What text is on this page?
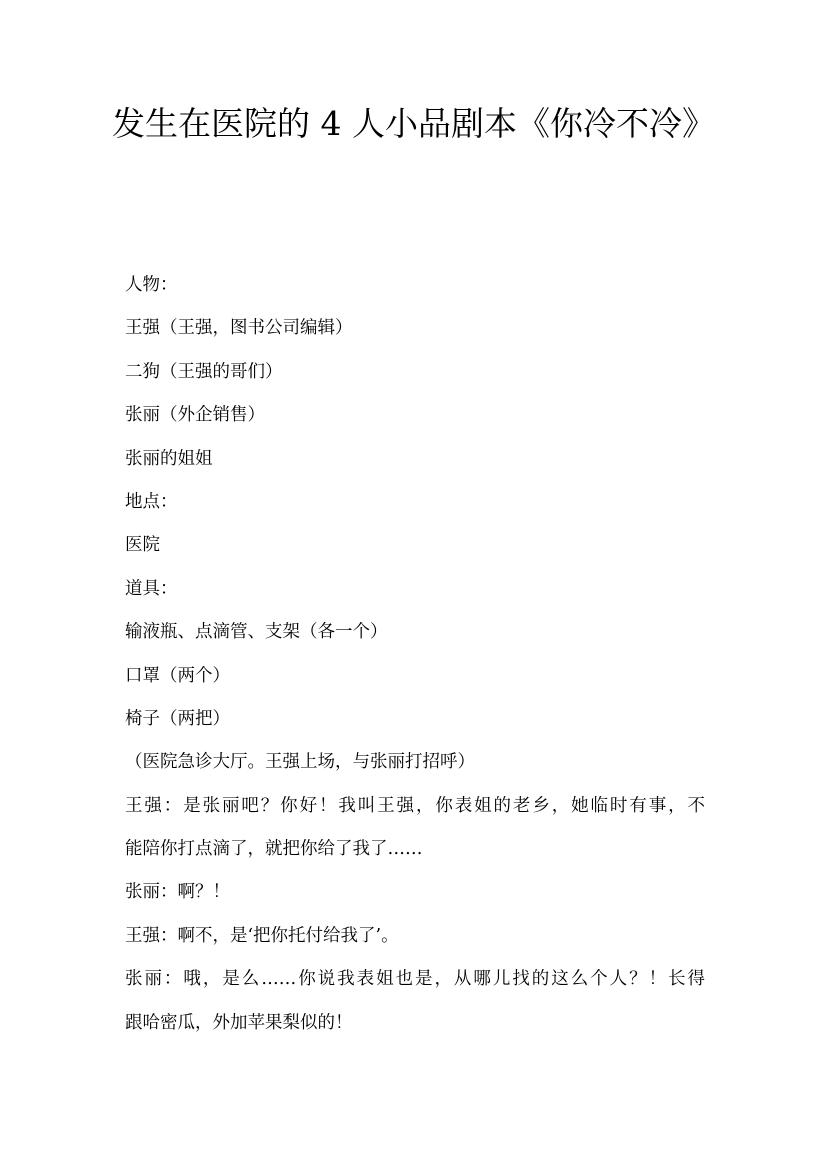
发生在医院的 4 人小品剧本《你冷不冷》
人物：
王强（王强，图书公司编辑）
二狗（王强的哥们）
张丽（外企销售）
张丽的姐姐
地点：
医院
道具：
输液瓶、点滴管、支架（各一个）
口罩（两个）
椅子（两把）
（医院急诊大厅。王强上场，与张丽打招呼）
王强：是张丽吧？你好！我叫王强，你表姐的老乡，她临时有事，不
能陪你打点滴了，就把你给了我了……
张丽：啊？！
王强：啊不，是‘把你托付给我了’。
张丽：哦，是么……你说我表姐也是，从哪儿找的这么个人？！长得
跟哈密瓜，外加苹果梨似的！
